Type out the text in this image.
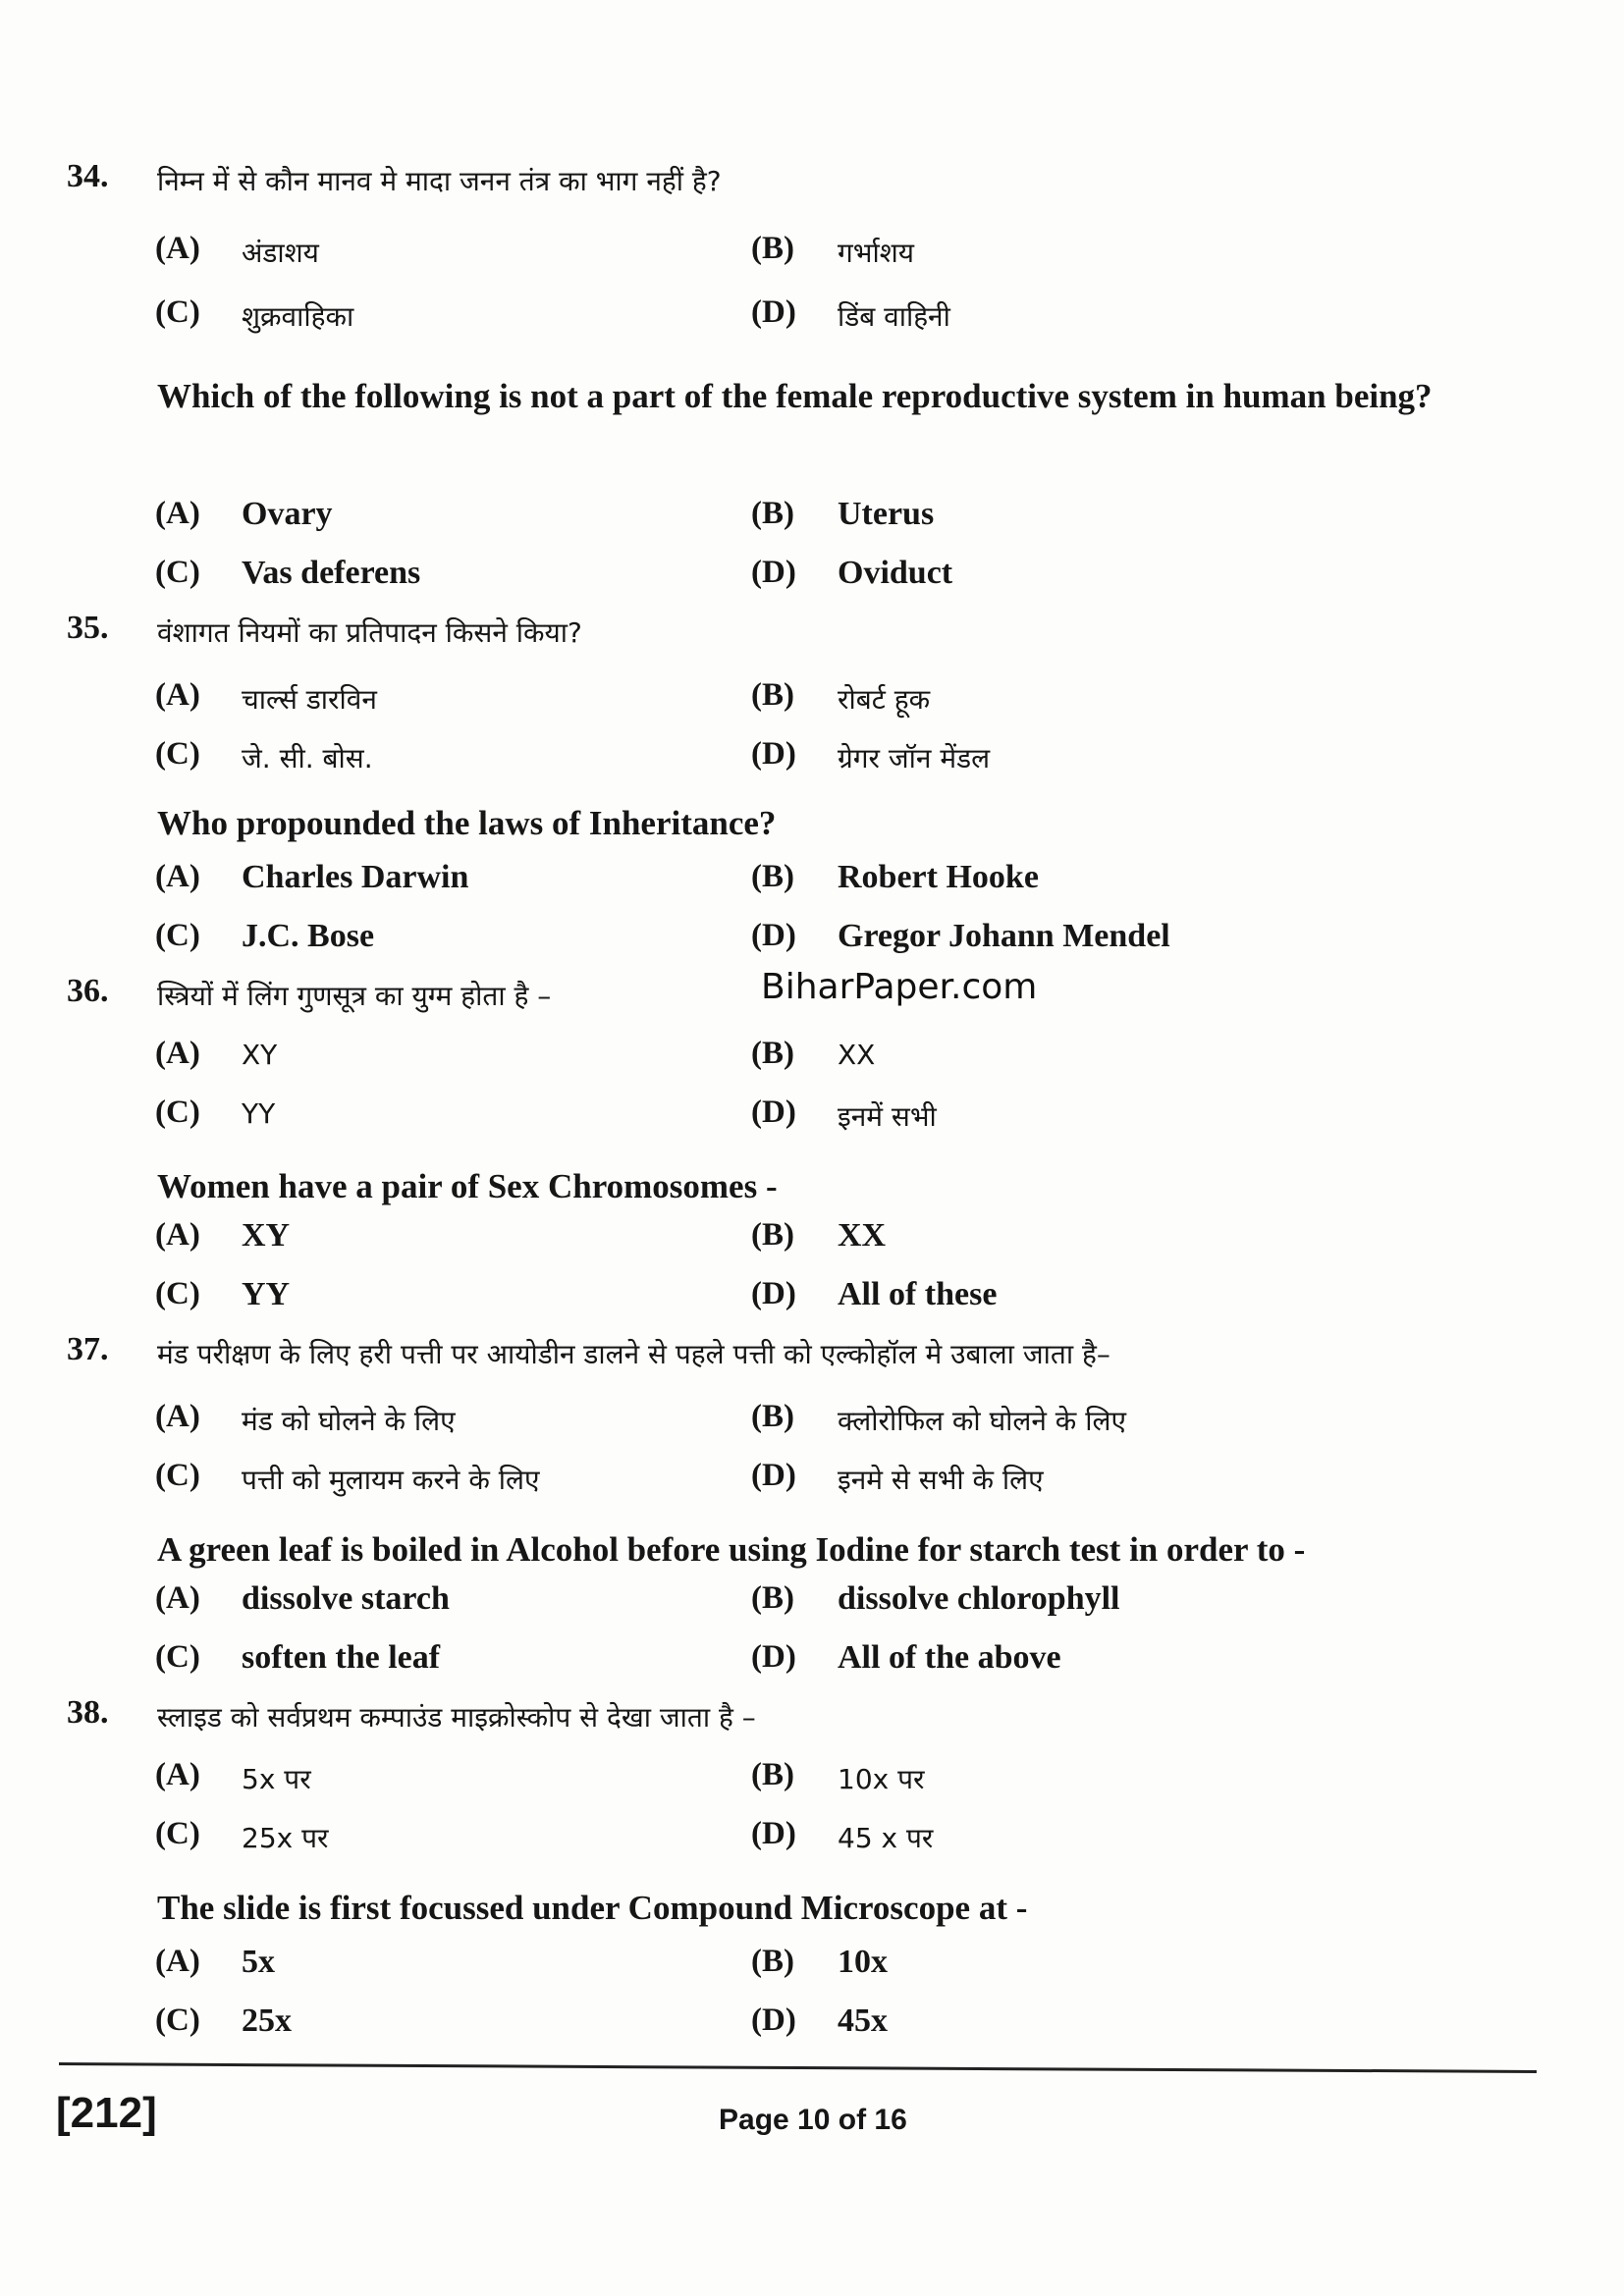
34. निम्न में से कौन मानव मे मादा जनन तंत्र का भाग नहीं है?
Which of the following is not a part of the female reproductive system in human being?
(A) अंडाशय	(B) गर्भाशय
(C) शुक्रवाहिका	(D) डिंब वाहिनी
(A) Ovary	(B) Uterus
(C) Vas deferens	(D) Oviduct
35. वंशागत नियमों का प्रतिपादन किसने किया?
Who propounded the laws of Inheritance?
(A) चार्ल्स डारविन	(B) रोबर्ट हूक
(C) जे. सी. बोस.	(D) ग्रेगर जॉन मेंडल
(A) Charles Darwin	(B) Robert Hooke
(C) J.C. Bose	(D) Gregor Johann Mendel
36. स्त्रियों में लिंग गुणसूत्र का युग्म होता है –
Women have a pair of Sex Chromosomes -
(A) XY	(B) XX
(C) YY	(D) इनमें सभी
(A) XY	(B) XX
(C) YY	(D) All of these
37. मंड परीक्षण के लिए हरी पत्ती पर आयोडीन डालने से पहले पत्ती को एल्कोहॉल मे उबाला जाता है–
A green leaf is boiled in Alcohol before using Iodine for starch test in order to -
(A) मंड को घोलने के लिए	(B) क्लोरोफिल को घोलने के लिए
(C) पत्ती को मुलायम करने के लिए	(D) इनमे से सभी के लिए
(A) dissolve starch	(B) dissolve chlorophyll
(C) soften the leaf	(D) All of the above
38. स्लाइड को सर्वप्रथम कम्पाउंड माइक्रोस्कोप से देखा जाता है –
The slide is first focussed under Compound Microscope at -
(A) 5x पर	(B) 10x पर
(C) 25x पर	(D) 45 x पर
(A) 5x	(B) 10x
(C) 25x	(D) 45x
BiharPaper.com
[212]	Page 10 of 16
